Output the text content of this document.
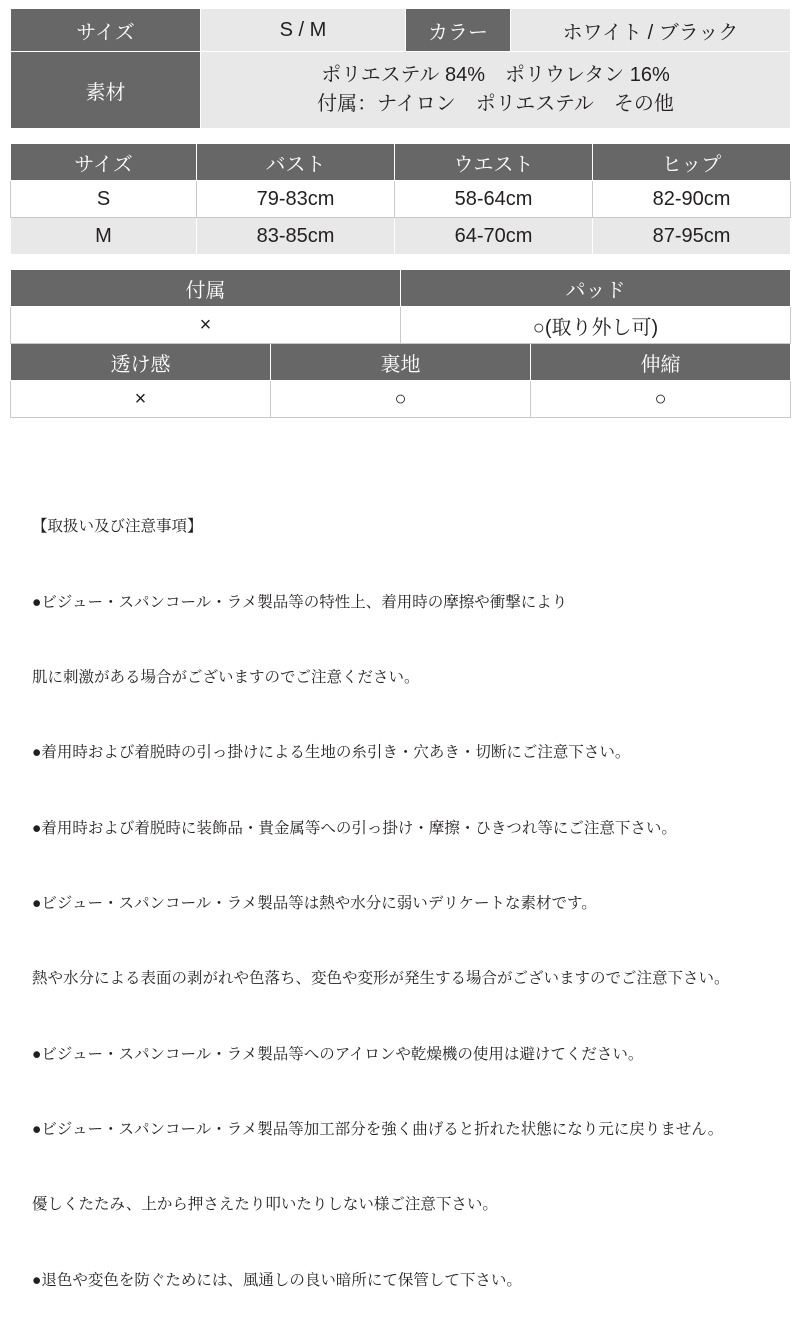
サイズ	S / M	カラー	ホワイト / ブラック
素材	ポリエステル 84%　ポリウレタン 16%
付属：ナイロン　ポリエステル　その他		
サイズ	バスト	ウエスト	ヒップ
S	79-83cm	58-64cm	82-90cm
M	83-85cm	64-70cm	87-95cm
付属		パッド	
×		○(取り外し可)	
透け感	裏地		伸縮
×	○		○

【取扱い及び注意事項】

●ビジュー・スパンコール・ラメ製品等の特性上、着用時の摩擦や衝撃により

肌に刺激がある場合がございますのでご注意ください。

●着用時および着脱時の引っ掛けによる生地の糸引き・穴あき・切断にご注意下さい。

●着用時および着脱時に装飾品・貴金属等への引っ掛け・摩擦・ひきつれ等にご注意下さい。

●ビジュー・スパンコール・ラメ製品等は熱や水分に弱いデリケートな素材です。

熱や水分による表面の剥がれや色落ち、変色や変形が発生する場合がございますのでご注意下さい。

●ビジュー・スパンコール・ラメ製品等へのアイロンや乾燥機の使用は避けてください。

●ビジュー・スパンコール・ラメ製品等加工部分を強く曲げると折れた状態になり元に戻りません。

優しくたたみ、上から押さえたり叩いたりしない様ご注意下さい。

●退色や変色を防ぐためには、風通しの良い暗所にて保管して下さい。
